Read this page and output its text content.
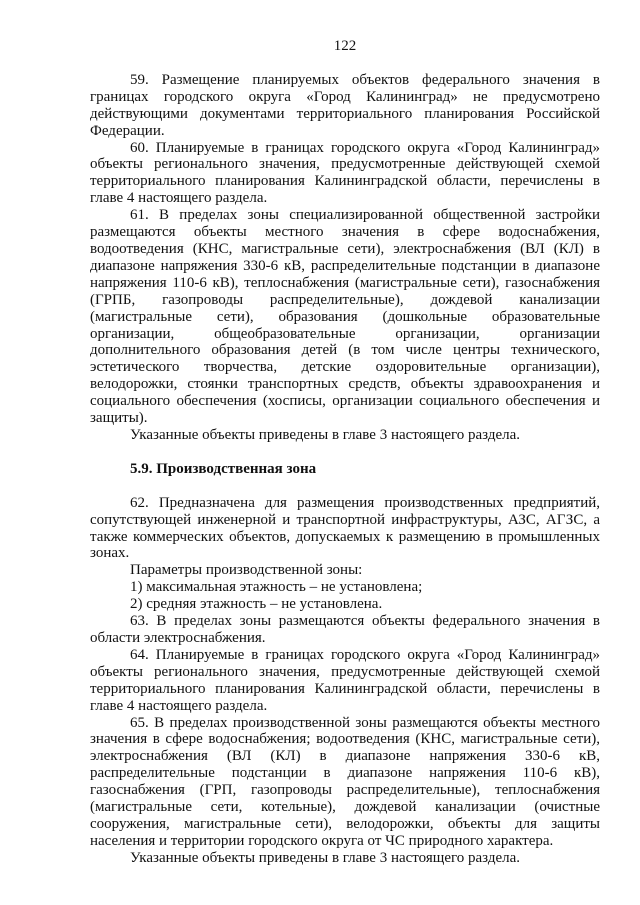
122

59. Размещение планируемых объектов федерального значения в границах городского округа «Город Калининград» не предусмотрено действующими документами территориального планирования Российской Федерации.

60. Планируемые в границах городского округа «Город Калининград» объекты регионального значения, предусмотренные действующей схемой территориального планирования Калининградской области, перечислены в главе 4 настоящего раздела.

61. В пределах зоны специализированной общественной застройки размещаются объекты местного значения в сфере водоснабжения, водоотведения (КНС, магистральные сети), электроснабжения (ВЛ (КЛ) в диапазоне напряжения 330-6 кВ, распределительные подстанции в диапазоне напряжения 110-6 кВ), теплоснабжения (магистральные сети), газоснабжения (ГРПБ, газопроводы распределительные), дождевой канализации (магистральные сети), образования (дошкольные образовательные организации, общеобразовательные организации, организации дополнительного образования детей (в том числе центры технического, эстетического творчества, детские оздоровительные организации), велодорожки, стоянки транспортных средств, объекты здравоохранения и социального обеспечения (хосписы, организации социального обеспечения и защиты).

Указанные объекты приведены в главе 3 настоящего раздела.

5.9. Производственная зона

62. Предназначена для размещения производственных предприятий, сопутствующей инженерной и транспортной инфраструктуры, АЗС, АГЗС, а также коммерческих объектов, допускаемых к размещению в промышленных зонах.

Параметры производственной зоны:

1) максимальная этажность – не установлена;

2) средняя этажность – не установлена.

63. В пределах зоны размещаются объекты федерального значения в области электроснабжения.

64. Планируемые в границах городского округа «Город Калининград» объекты регионального значения, предусмотренные действующей схемой территориального планирования Калининградской области, перечислены в главе 4 настоящего раздела.

65. В пределах производственной зоны размещаются объекты местного значения в сфере водоснабжения; водоотведения (КНС, магистральные сети), электроснабжения (ВЛ (КЛ) в диапазоне напряжения 330-6 кВ, распределительные подстанции в диапазоне напряжения 110-6 кВ), газоснабжения (ГРП, газопроводы распределительные), теплоснабжения (магистральные сети, котельные), дождевой канализации (очистные сооружения, магистральные сети), велодорожки, объекты для защиты населения и территории городского округа от ЧС природного характера.

Указанные объекты приведены в главе 3 настоящего раздела.
